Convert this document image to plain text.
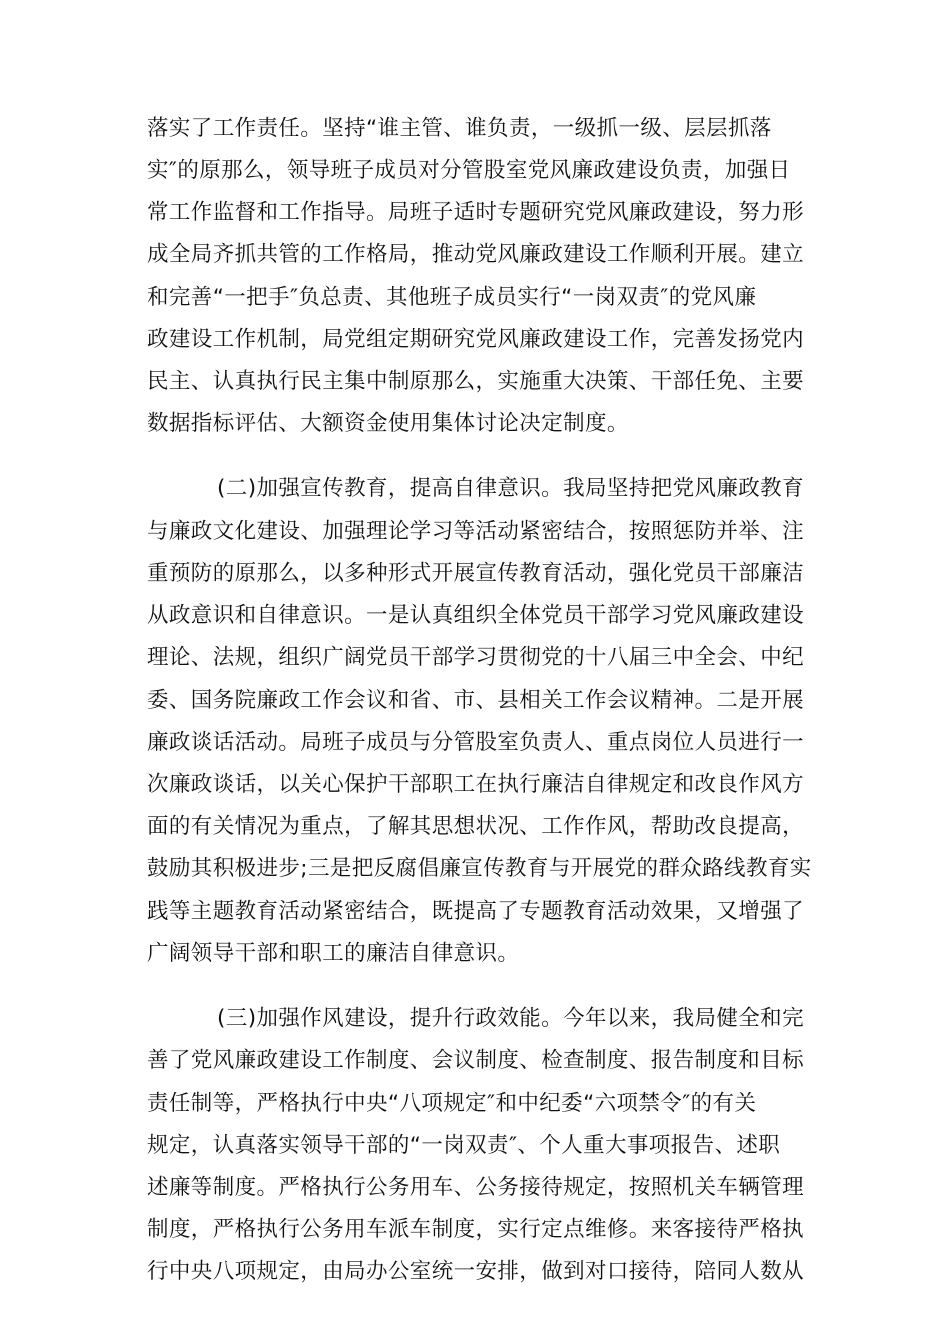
落实了工作责任。坚持“谁主管、谁负责，一级抓一级、层层抓落
实″的原那么，领导班子成员对分管股室党风廉政建设负责，加强日
常工作监督和工作指导。局班子适时专题研究党风廉政建设，努力形
成全局齐抓共管的工作格局，推动党风廉政建设工作顺利开展。建立
和完善“一把手″负总责、其他班子成员实行“一岗双责″的党风廉
政建设工作机制，局党组定期研究党风廉政建设工作，完善发扬党内
民主、认真执行民主集中制原那么，实施重大决策、干部任免、主要
数据指标评估、大额资金使用集体讨论决定制度。
(二)加强宣传教育，提高自律意识。我局坚持把党风廉政教育
与廉政文化建设、加强理论学习等活动紧密结合，按照惩防并举、注
重预防的原那么，以多种形式开展宣传教育活动，强化党员干部廉洁
从政意识和自律意识。一是认真组织全体党员干部学习党风廉政建设
理论、法规，组织广阔党员干部学习贯彻党的十八届三中全会、中纪
委、国务院廉政工作会议和省、市、县相关工作会议精神。二是开展
廉政谈话活动。局班子成员与分管股室负责人、重点岗位人员进行一
次廉政谈话，以关心保护干部职工在执行廉洁自律规定和改良作风方
面的有关情况为重点，了解其思想状况、工作作风，帮助改良提高，
鼓励其积极进步;三是把反腐倡廉宣传教育与开展党的群众路线教育实
践等主题教育活动紧密结合，既提高了专题教育活动效果，又增强了
广阔领导干部和职工的廉洁自律意识。
(三)加强作风建设，提升行政效能。今年以来，我局健全和完
善了党风廉政建设工作制度、会议制度、检查制度、报告制度和目标
责任制等，严格执行中央“八项规定″和中纪委“六项禁令″的有关
规定，认真落实领导干部的“一岗双责″、个人重大事项报告、述职
述廉等制度。严格执行公务用车、公务接待规定，按照机关车辆管理
制度，严格执行公务用车派车制度，实行定点维修。来客接待严格执
行中央八项规定，由局办公室统一安排，做到对口接待，陪同人数从
